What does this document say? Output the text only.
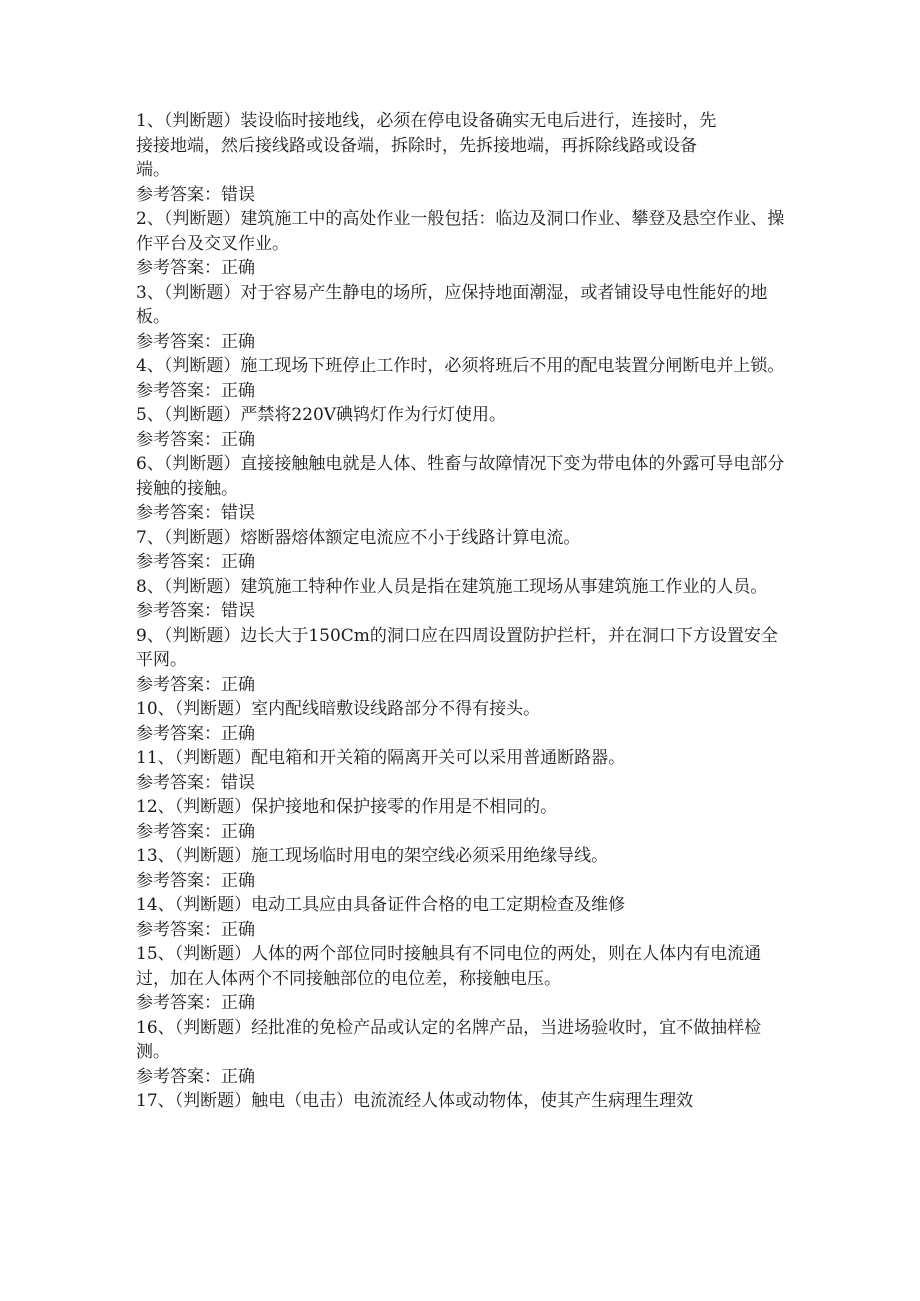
1、（判断题）装设临时接地线，必须在停电设备确实无电后进行，连接时，先
接接地端，然后接线路或设备端，拆除时，先拆接地端，再拆除线路或设备
端。
参考答案：错误
2、（判断题）建筑施工中的高处作业一般包括：临边及洞口作业、攀登及悬空作业、操作平台及交叉作业。
参考答案：正确
3、（判断题）对于容易产生静电的场所，应保持地面潮湿，或者铺设导电性能好的地板。
参考答案：正确
4、（判断题）施工现场下班停止工作时，必须将班后不用的配电装置分闸断电并上锁。
参考答案：正确
5、（判断题）严禁将220V碘鸨灯作为行灯使用。
参考答案：正确
6、（判断题）直接接触触电就是人体、牲畜与故障情况下变为带电体的外露可导电部分接触的接触。
参考答案：错误
7、（判断题）熔断器熔体额定电流应不小于线路计算电流。
参考答案：正确
8、（判断题）建筑施工特种作业人员是指在建筑施工现场从事建筑施工作业的人员。
参考答案：错误
9、（判断题）边长大于150Cm的洞口应在四周设置防护拦杆，并在洞口下方设置安全平网。
参考答案：正确
10、（判断题）室内配线暗敷设线路部分不得有接头。
参考答案：正确
11、（判断题）配电箱和开关箱的隔离开关可以采用普通断路器。
参考答案：错误
12、（判断题）保护接地和保护接零的作用是不相同的。
参考答案：正确
13、（判断题）施工现场临时用电的架空线必须采用绝缘导线。
参考答案：正确
14、（判断题）电动工具应由具备证件合格的电工定期检查及维修
参考答案：正确
15、（判断题）人体的两个部位同时接触具有不同电位的两处，则在人体内有电流通过，加在人体两个不同接触部位的电位差，称接触电压。
参考答案：正确
16、（判断题）经批准的免检产品或认定的名牌产品，当进场验收时，宜不做抽样检测。
参考答案：正确
17、（判断题）触电（电击）电流流经人体或动物体，使其产生病理生理效
